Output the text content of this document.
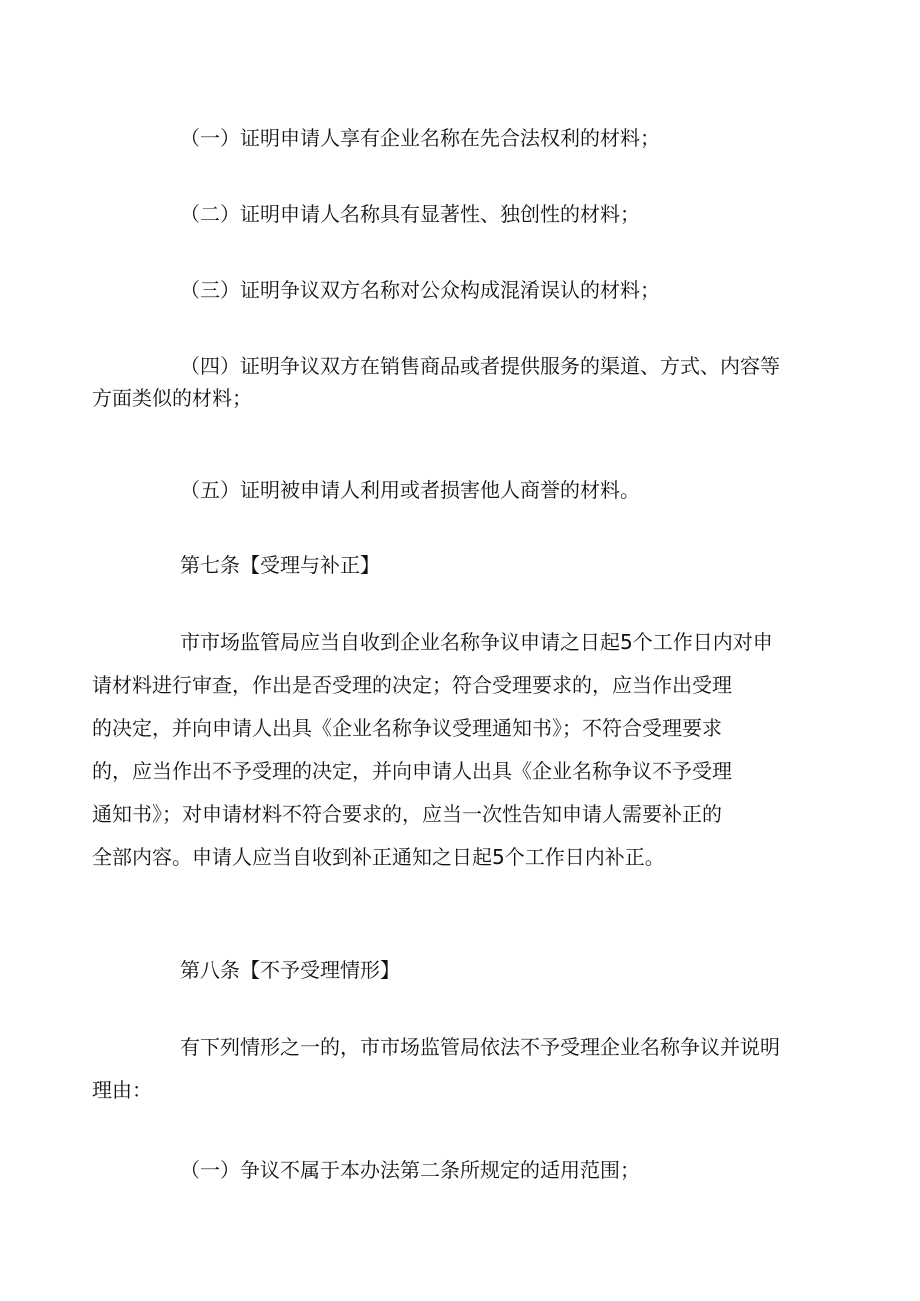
（一）证明申请人享有企业名称在先合法权利的材料；

（二）证明申请人名称具有显著性、独创性的材料；

（三）证明争议双方名称对公众构成混淆误认的材料；

（四）证明争议双方在销售商品或者提供服务的渠道、方式、内容等
方面类似的材料；

（五）证明被申请人利用或者损害他人商誉的材料。

第七条【受理与补正】

市市场监管局应当自收到企业名称争议申请之日起5个工作日内对申
请材料进行审查，作出是否受理的决定；符合受理要求的，应当作出受理
的决定，并向申请人出具《企业名称争议受理通知书》；不符合受理要求
的，应当作出不予受理的决定，并向申请人出具《企业名称争议不予受理
通知书》；对申请材料不符合要求的，应当一次性告知申请人需要补正的
全部内容。申请人应当自收到补正通知之日起5个工作日内补正。

第八条【不予受理情形】

有下列情形之一的，市市场监管局依法不予受理企业名称争议并说明
理由：

（一）争议不属于本办法第二条所规定的适用范围；
